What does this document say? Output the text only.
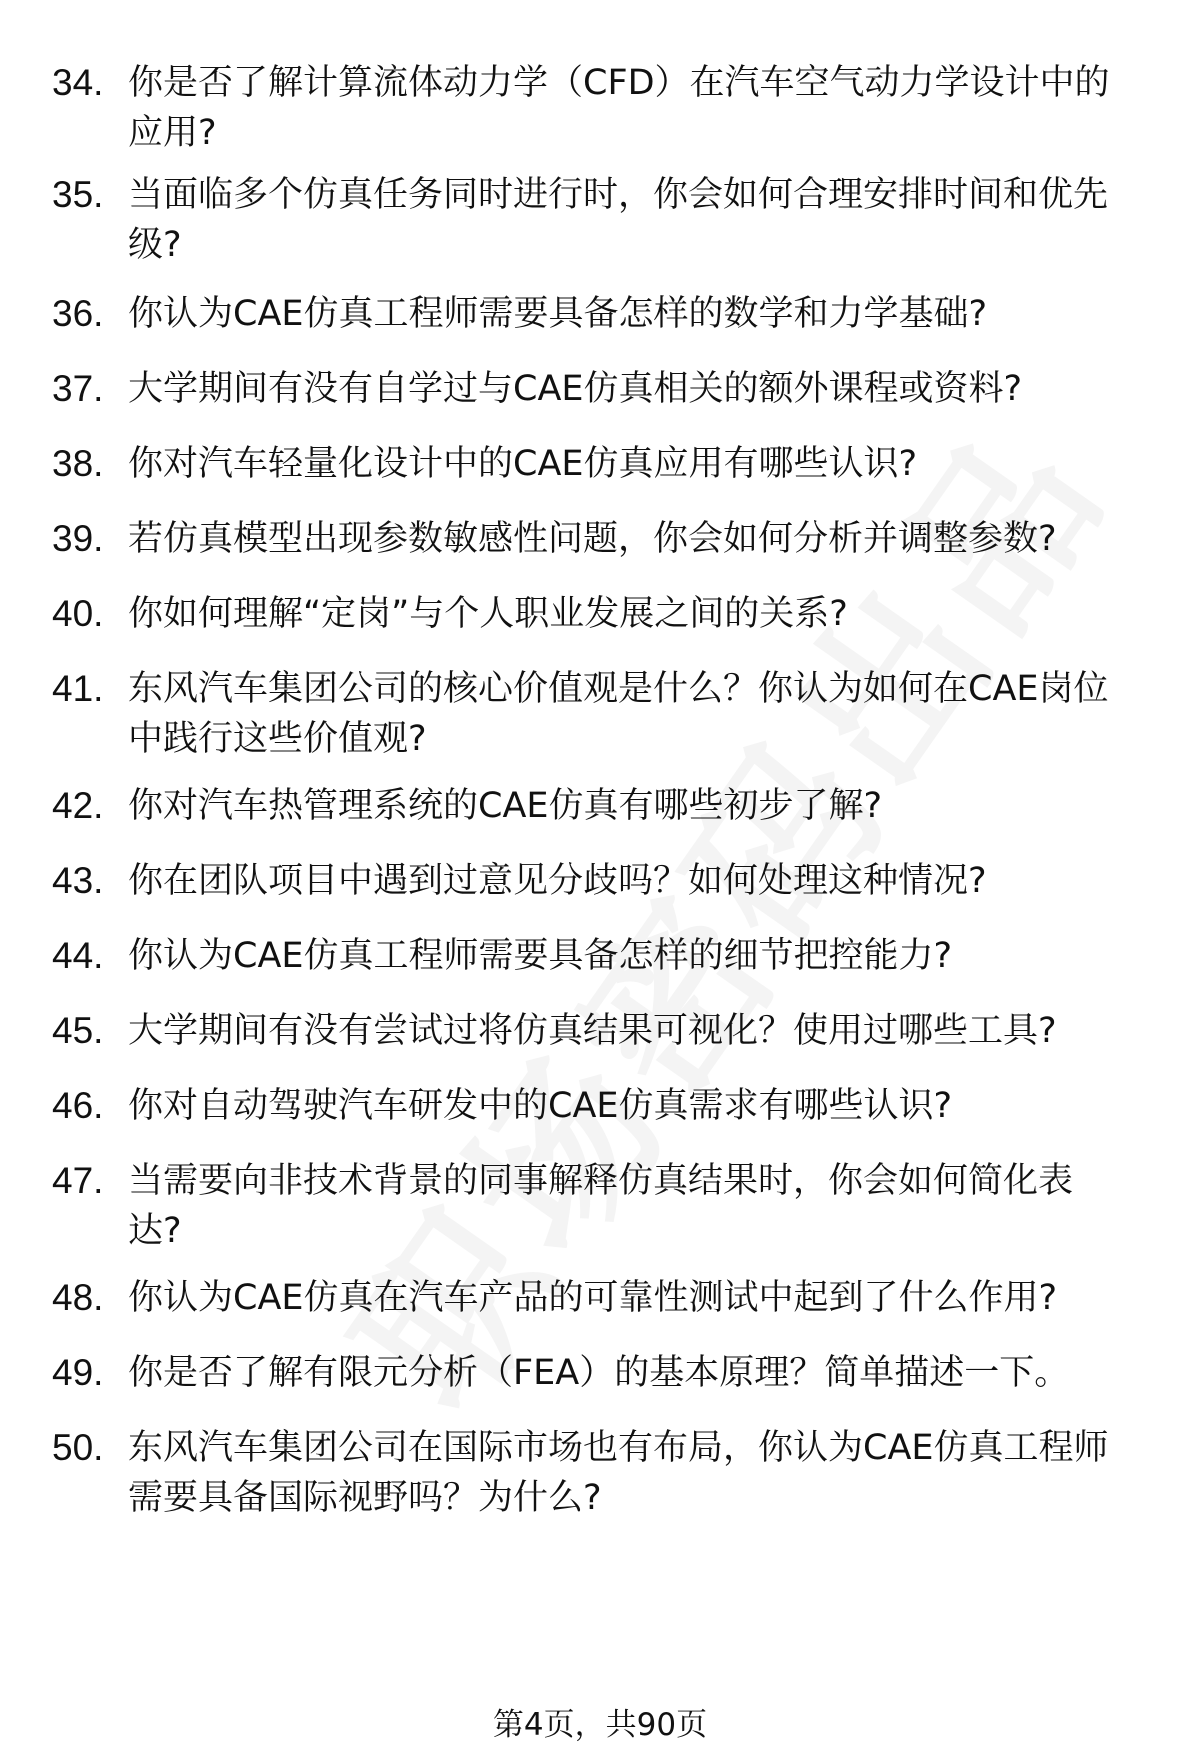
34. 你是否了解计算流体动力学（CFD）在汽车空气动力学设计中的
应用?
35. 当面临多个仿真任务同时进行时，你会如何合理安排时间和优先
级?
36. 你认为CAE仿真工程师需要具备怎样的数学和力学基础?
37. 大学期间有没有自学过与CAE仿真相关的额外课程或资料?
38. 你对汽车轻量化设计中的CAE仿真应用有哪些认识?
39. 若仿真模型出现参数敏感性问题，你会如何分析并调整参数?
40. 你如何理解“定岗”与个人职业发展之间的关系?
41. 东风汽车集团公司的核心价值观是什么？你认为如何在CAE岗位
中践行这些价值观?
42. 你对汽车热管理系统的CAE仿真有哪些初步了解?
43. 你在团队项目中遇到过意见分歧吗？如何处理这种情况?
44. 你认为CAE仿真工程师需要具备怎样的细节把控能力?
45. 大学期间有没有尝试过将仿真结果可视化？使用过哪些工具?
46. 你对自动驾驶汽车研发中的CAE仿真需求有哪些认识?
47. 当需要向非技术背景的同事解释仿真结果时，你会如何简化表
达?
48. 你认为CAE仿真在汽车产品的可靠性测试中起到了什么作用?
49. 你是否了解有限元分析（FEA）的基本原理？简单描述一下。
50. 东风汽车集团公司在国际市场也有布局，你认为CAE仿真工程师
需要具备国际视野吗？为什么?
第4页，共90页
